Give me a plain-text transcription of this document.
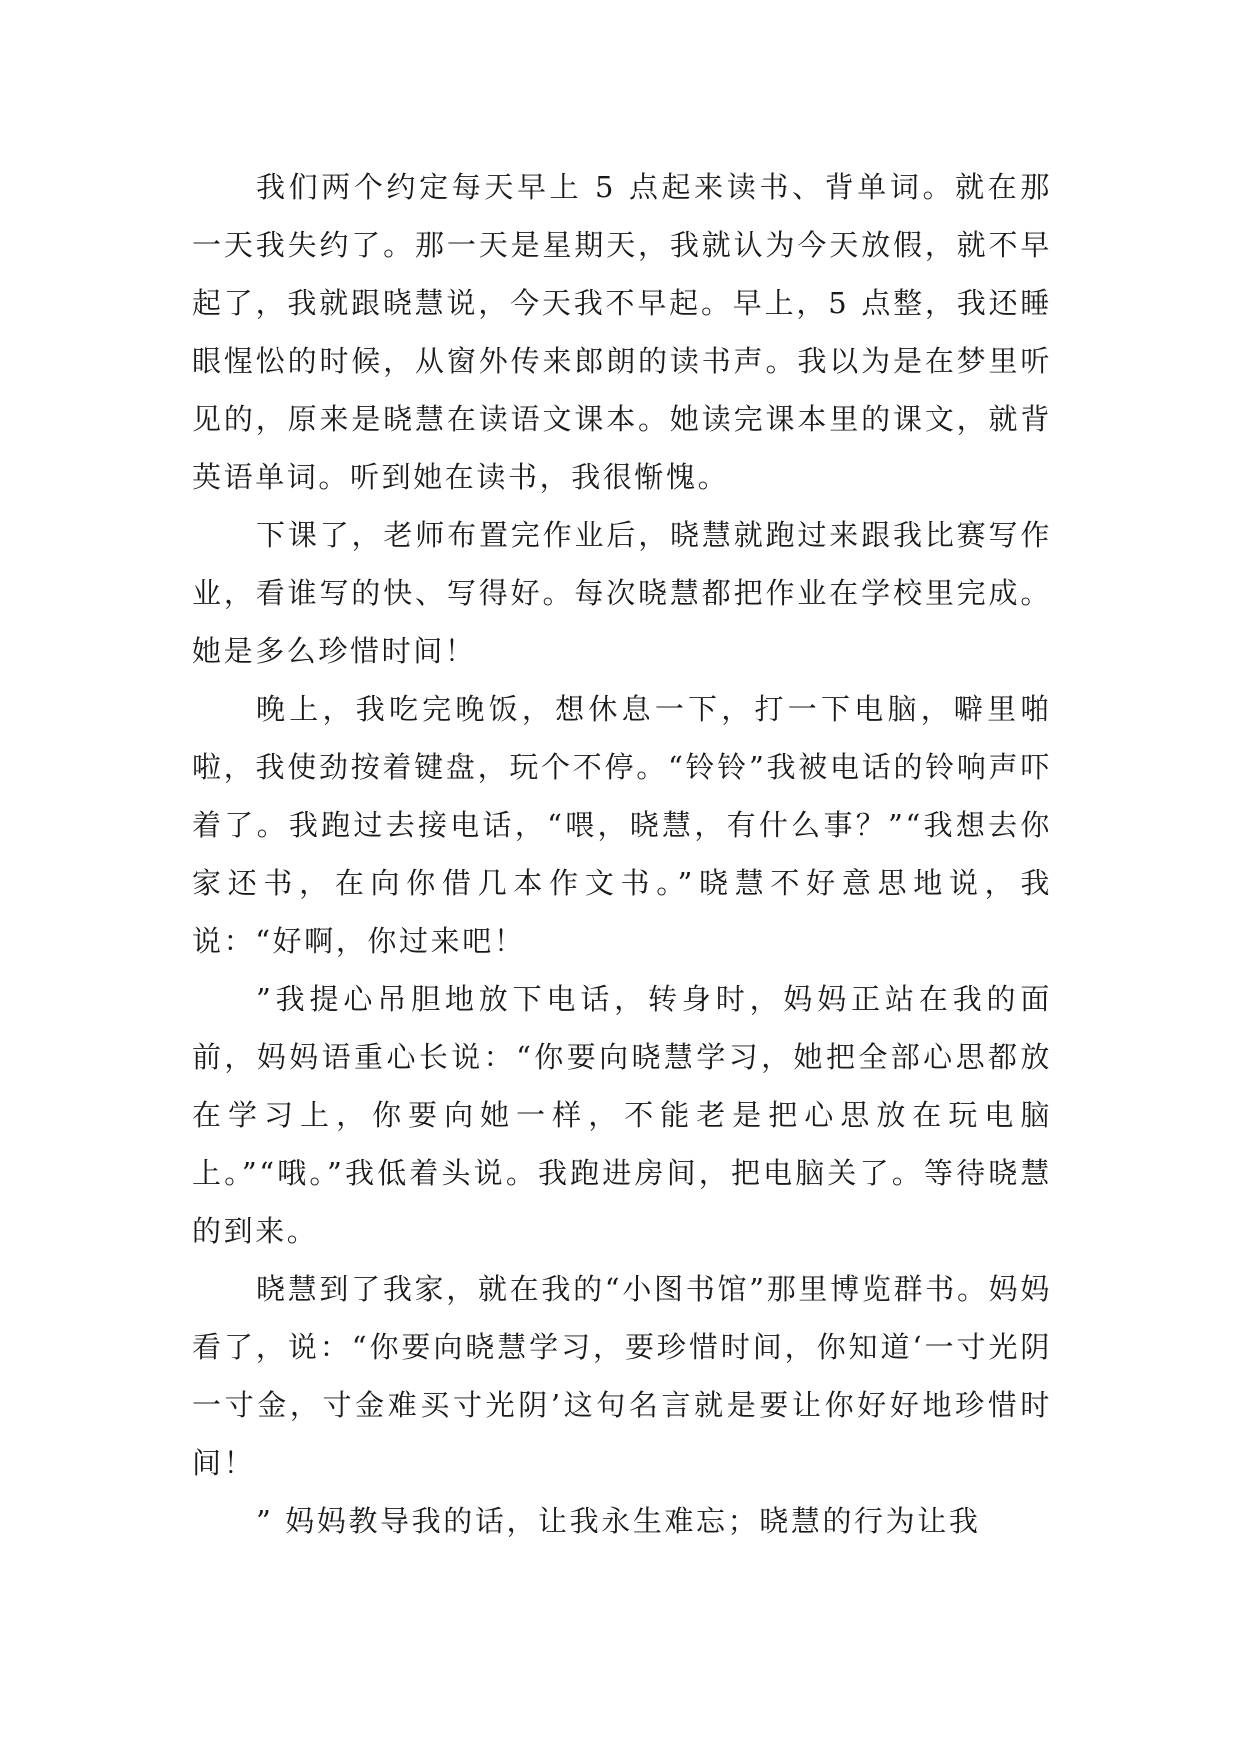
我们两个约定每天早上 5 点起来读书、背单词。就在那一天我失约了。那一天是星期天，我就认为今天放假，就不早起了，我就跟晓慧说，今天我不早起。早上，5 点整，我还睡眼惺忪的时候，从窗外传来郎朗的读书声。我以为是在梦里听见的，原来是晓慧在读语文课本。她读完课本里的课文，就背英语单词。听到她在读书，我很惭愧。

下课了，老师布置完作业后，晓慧就跑过来跟我比赛写作业，看谁写的快、写得好。每次晓慧都把作业在学校里完成。她是多么珍惜时间！

晚上，我吃完晚饭，想休息一下，打一下电脑，噼里啪啦，我使劲按着键盘，玩个不停。“铃铃”我被电话的铃响声吓着了。我跑过去接电话，“喂，晓慧，有什么事？”“我想去你家还书，在向你借几本作文书。”晓慧不好意思地说，我说：“好啊，你过来吧！

”我提心吊胆地放下电话，转身时，妈妈正站在我的面前，妈妈语重心长说：“你要向晓慧学习，她把全部心思都放在学习上，你要向她一样，不能老是把心思放在玩电脑上。”“哦。”我低着头说。我跑进房间，把电脑关了。等待晓慧的到来。

晓慧到了我家，就在我的“小图书馆”那里博览群书。妈妈看了，说：“你要向晓慧学习，要珍惜时间，你知道‘一寸光阴一寸金，寸金难买寸光阴’这句名言就是要让你好好地珍惜时间！

” 妈妈教导我的话，让我永生难忘；晓慧的行为让我
